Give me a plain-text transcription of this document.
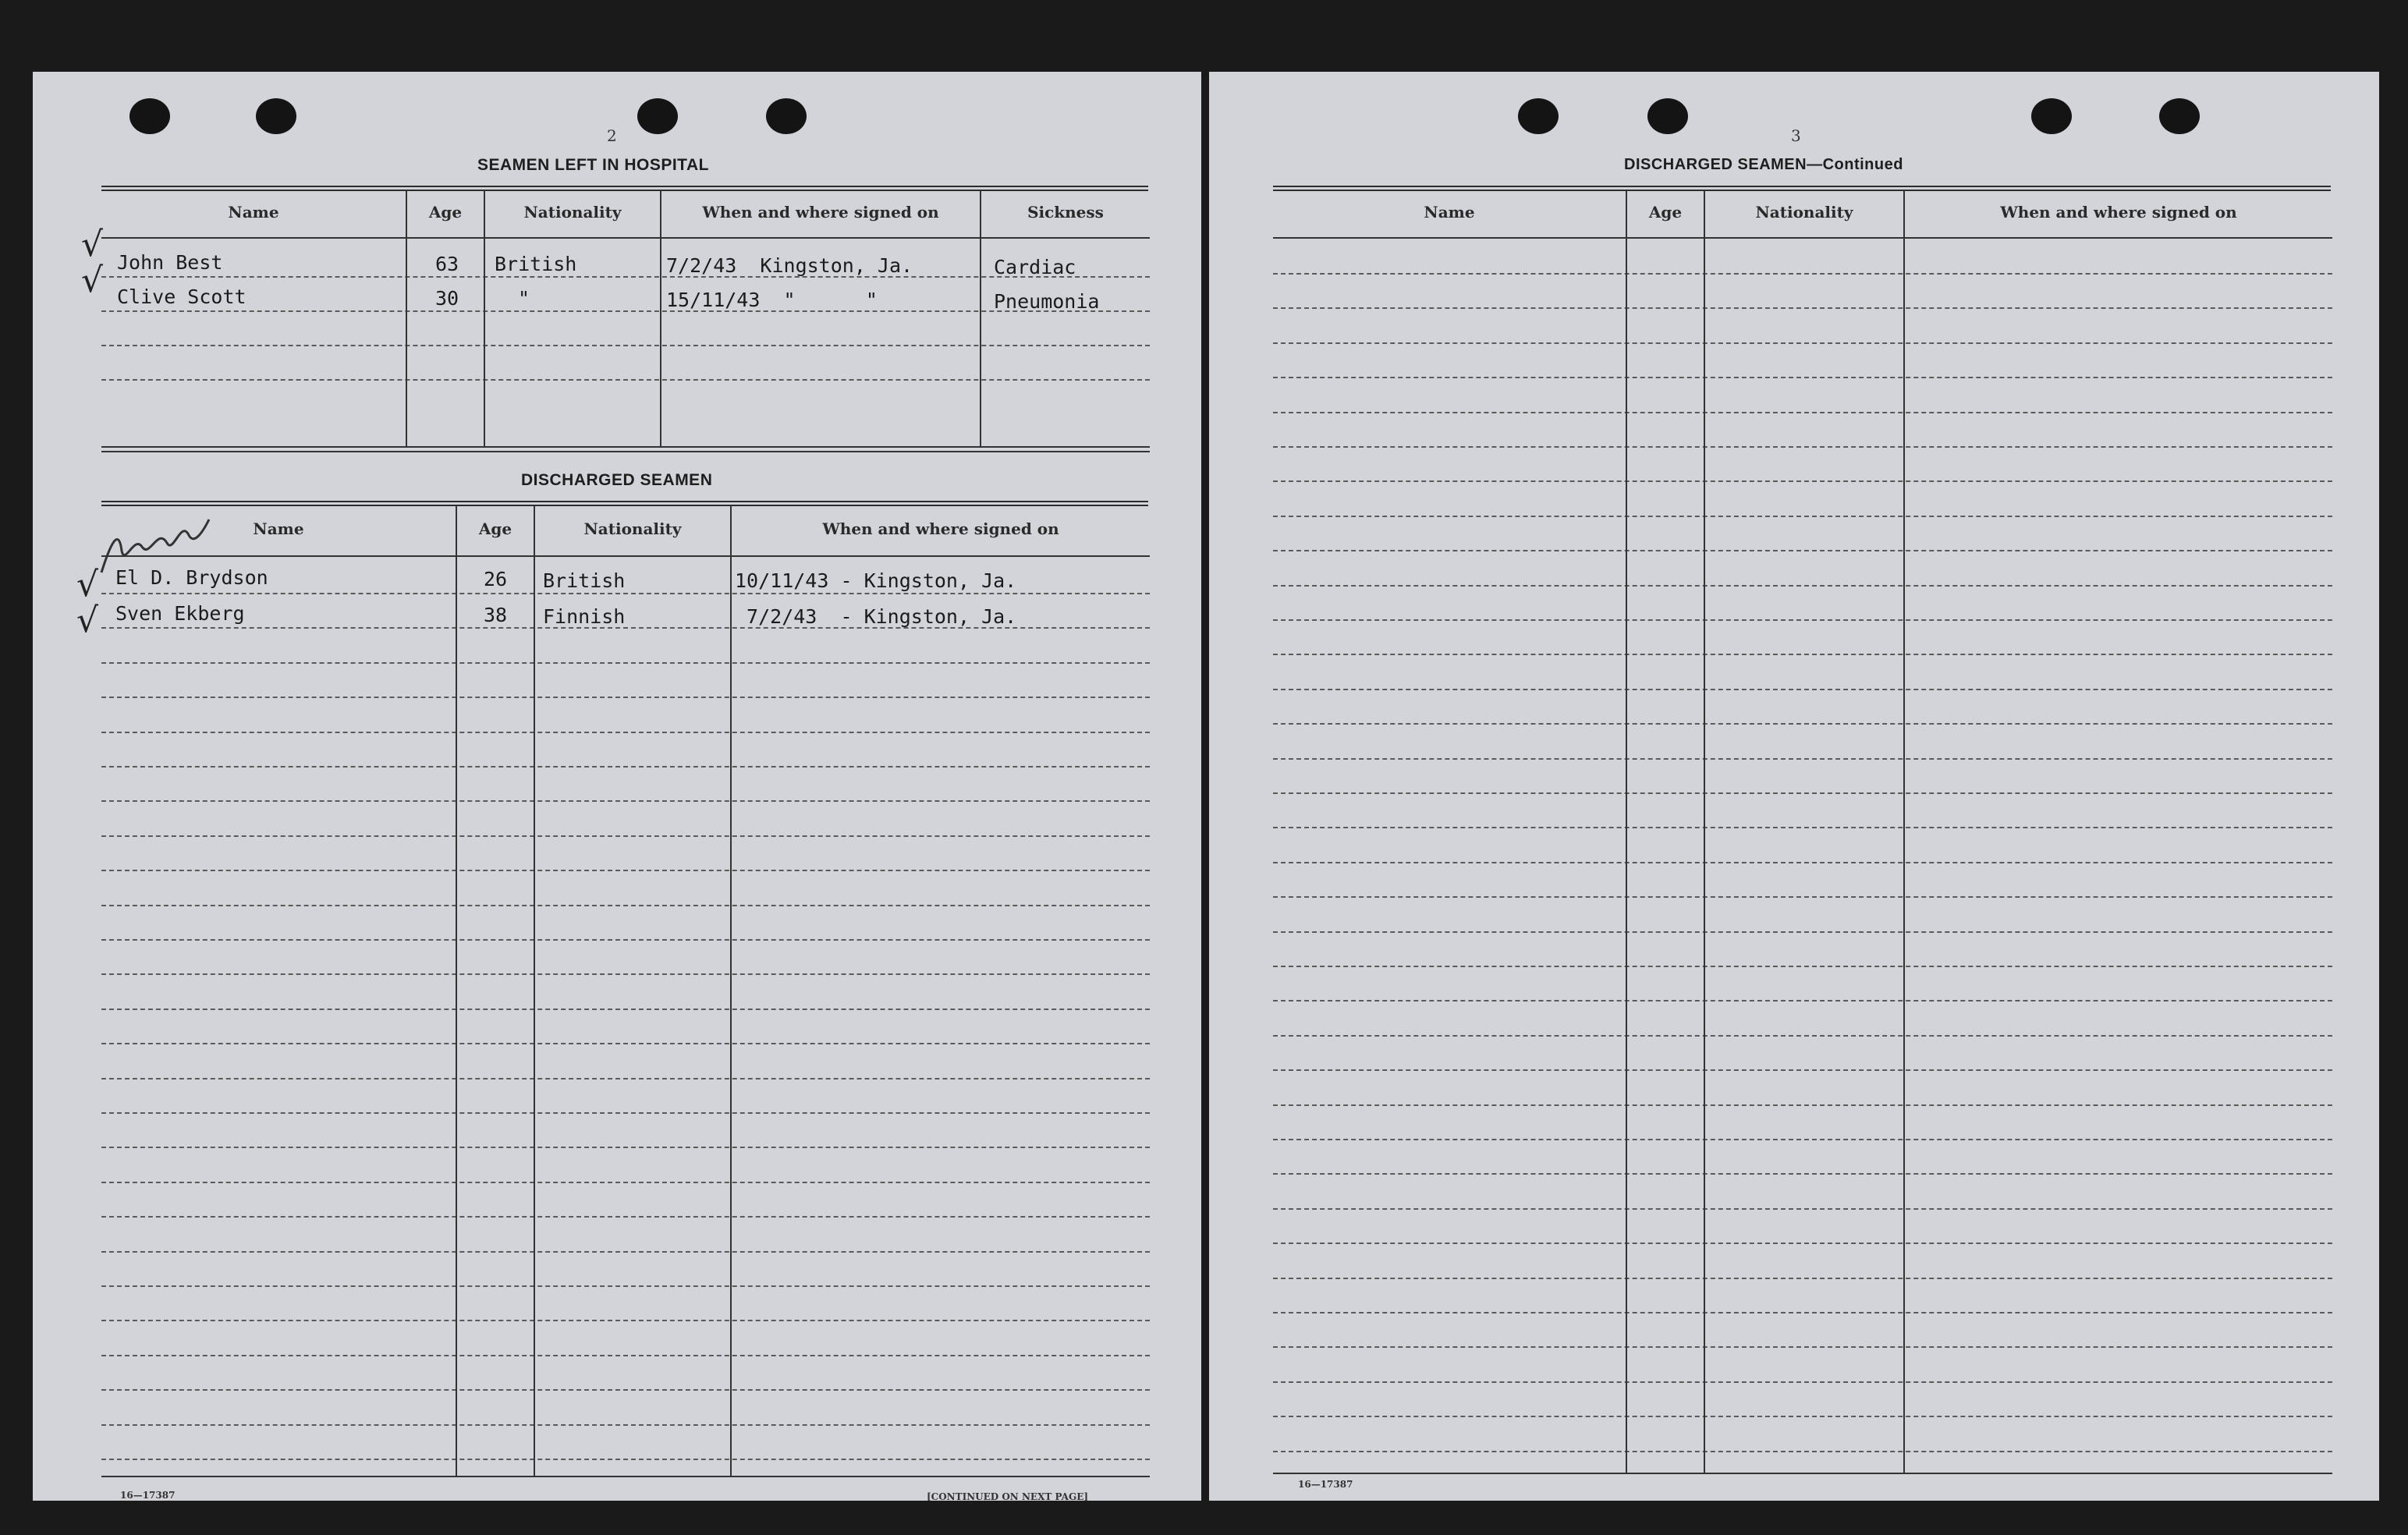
2
SEAMEN LEFT IN HOSPITAL
Name	Age	Nationality	When and where signed on	Sickness
√
√ John Best	63 British	7/2/43  Kingston, Ja.	Cardiac
Clive Scott	30	"	15/11/43  "      "	Pneumonia
DISCHARGED SEAMEN
Name	Age	Nationality	When and where signed on
√
√
El D. Brydson	26 British	10/11/43 - Kingston, Ja.
Sven Ekberg	38 Finnish	7/2/43  - Kingston, Ja.
16—17387	[CONTINUED ON NEXT PAGE]
3
DISCHARGED SEAMEN—Continued
Name	Age	Nationality	When and where signed on
16—17387
